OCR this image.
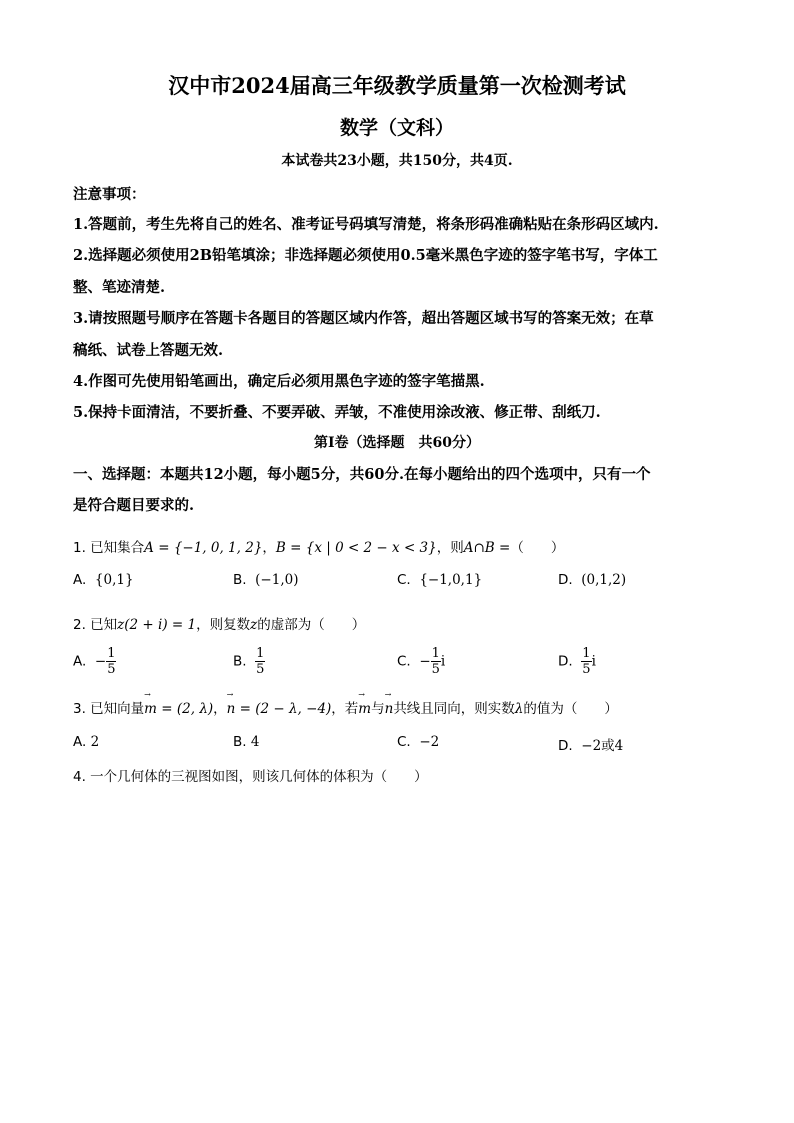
汉中市2024届高三年级教学质量第一次检测考试
数学（文科）
本试卷共23小题，共150分，共4页.
注意事项：
1.答题前，考生先将自己的姓名、准考证号码填写清楚，将条形码准确粘贴在条形码区域内.
2.选择题必须使用2B铅笔填涂；非选择题必须使用0.5毫米黑色字迹的签字笔书写，字体工
整、笔迹清楚.
3.请按照题号顺序在答题卡各题目的答题区域内作答，超出答题区域书写的答案无效；在草
稿纸、试卷上答题无效.
4.作图可先使用铅笔画出，确定后必须用黑色字迹的签字笔描黑.
5.保持卡面清洁，不要折叠、不要弄破、弄皱，不准使用涂改液、修正带、刮纸刀.
第Ⅰ卷（选择题　共60分）
一、选择题：本题共12小题，每小题5分，共60分.在每小题给出的四个选项中，只有一个
是符合题目要求的.
1. 已知集合A = {−1, 0, 1, 2}，B = {x | 0 < 2 − x < 3}，则A∩B =（　　）
A. {0,1}	B. (−1,0)	C. {−1,0,1}	D. (0,1,2)
2. 已知z(2 + i) = 1，则复数z的虚部为（　　）
A. − $\frac{1}{5}$	B. $\frac{1}{5}$	C. − $\frac{1}{5}$ i	D. $\frac{1}{5}$ i
3. 已知向量→ m = (2, λ)，→ n = (2 − λ, −4)，若→ m与→ n共线且同向，则实数λ的值为（　　）
A. 2	B. 4	C. −2	D. −2或4
4. 一个几何体的三视图如图，则该几何体的体积为（　　）
